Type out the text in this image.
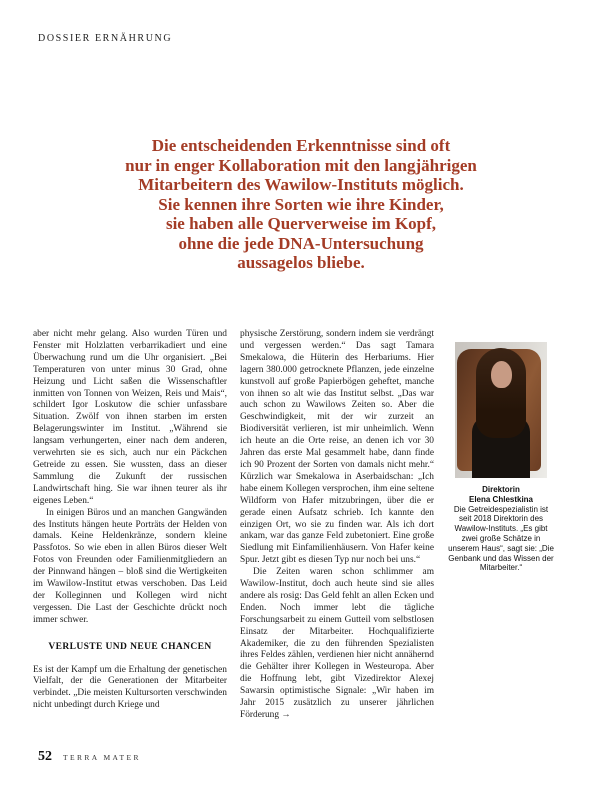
DOSSIER ERNÄHRUNG
Die entscheidenden Erkenntnisse sind oft
nur in enger Kollaboration mit den langjährigen
Mitarbeitern des Wawilow-Instituts möglich.
Sie kennen ihre Sorten wie ihre Kinder,
sie haben alle Querverweise im Kopf,
ohne die jede DNA-Untersuchung
aussagelos bliebe.

aber nicht mehr gelang. Also wurden Türen und Fenster mit Holzlatten verbarrikadiert und eine Überwachung rund um die Uhr organisiert. „Bei Temperaturen von unter minus 30 Grad, ohne Heizung und Licht saßen die Wissenschaftler inmitten von Tonnen von Weizen, Reis und Mais“, schildert Igor Loskutow die schier unfassbare Situation. Zwölf von ihnen starben im ersten Belagerungswinter im Institut. „Während sie langsam verhungerten, einer nach dem anderen, verwehrten sie es sich, auch nur ein Päckchen Getreide zu essen. Sie wussten, dass an dieser Sammlung die Zukunft der russischen Landwirtschaft hing. Sie war ihnen teurer als ihr eigenes Leben.“

In einigen Büros und an manchen Gangwänden des Instituts hängen heute Porträts der Helden von damals. Keine Heldenkränze, sondern kleine Passfotos. So wie eben in allen Büros dieser Welt Fotos von Freunden oder Familienmitgliedern an der Pinnwand hängen – bloß sind die Wertigkeiten im Wawilow-Institut etwas verschoben. Das Leid der Kolleginnen und Kollegen wird nicht vergessen. Die Last der Geschichte drückt noch immer schwer.

VERLUSTE UND NEUE CHANCEN

Es ist der Kampf um die Erhaltung der genetischen Vielfalt, der die Generationen der Mitarbeiter verbindet. „Die meisten Kultursorten verschwinden nicht unbedingt durch Kriege und

physische Zerstörung, sondern indem sie verdrängt und vergessen werden.“ Das sagt Tamara Smekalowa, die Hüterin des Herbariums. Hier lagern 380.000 getrocknete Pflanzen, jede einzelne kunstvoll auf große Papierbögen geheftet, manche von ihnen so alt wie das Institut selbst. „Das war auch schon zu Wawilows Zeiten so. Aber die Geschwindigkeit, mit der wir zurzeit an Biodiversität verlieren, ist mir unheimlich. Wenn ich heute an die Orte reise, an denen ich vor 30 Jahren das erste Mal gesammelt habe, dann finde ich 90 Prozent der Sorten von damals nicht mehr.“ Kürzlich war Smekalowa in Aserbaidschan: „Ich habe einem Kollegen versprochen, ihm eine seltene Wildform von Hafer mitzubringen, über die er gerade einen Aufsatz schrieb. Ich kannte den einzigen Ort, wo sie zu finden war. Als ich dort ankam, war das ganze Feld zubetoniert. Eine große Siedlung mit Einfamilienhäusern. Von Hafer keine Spur. Jetzt gibt es diesen Typ nur noch bei uns.“

Die Zeiten waren schon schlimmer am Wawilow-Institut, doch auch heute sind sie alles andere als rosig: Das Geld fehlt an allen Ecken und Enden. Noch immer lebt die tägliche Forschungsarbeit zu einem Gutteil vom selbstlosen Einsatz der Mitarbeiter. Hochqualifizierte Akademiker, die zu den führenden Spezialisten ihres Feldes zählen, verdienen hier nicht annähernd die Gehälter ihrer Kollegen in Westeuropa. Aber die Hoffnung lebt, gibt Vizedirektor Alexej Sawarsin optimistische Signale: „Wir haben im Jahr 2015 zusätzlich zu unserer jährlichen Förderung →

Direktorin
Elena Chlestkina
Die Getreidespezialistin ist seit 2018 Direktorin des Wawilow-Instituts. „Es gibt zwei große Schätze in unserem Haus“, sagt sie: „Die Genbank und das Wissen der Mitarbeiter.“
52 TERRA MATER
